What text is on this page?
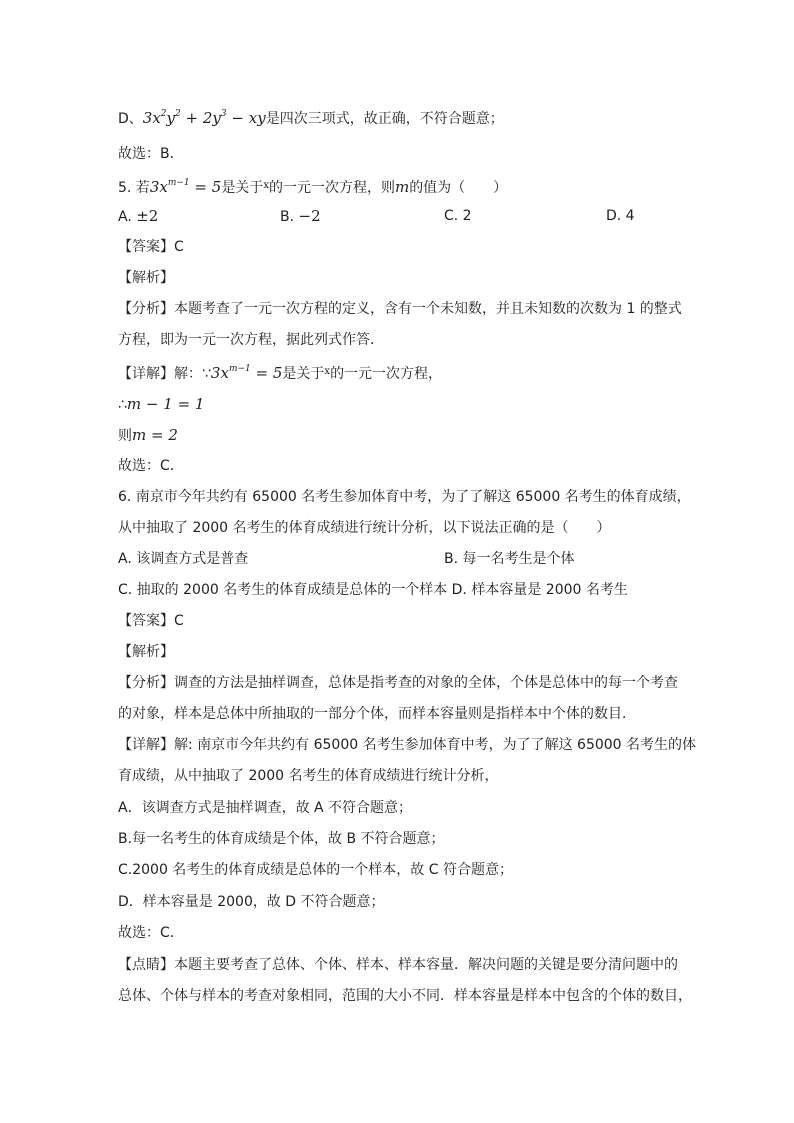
D、$3x^2y^2 + 2y^3$ − xy是四次三项式，故正确，不符合题意；
故选：B．
5. 若$3x^{m-1} = 5$是关于$^x$的一元一次方程，则m的值为（　　）
A. ±2	B. −2	C. 2	D. 4
【答案】C
【解析】
【分析】本题考查了一元一次方程的定义，含有一个未知数，并且未知数的次数为 1 的整式
方程，即为一元一次方程，据此列式作答．
【详解】解：$\because 3x^{m-1} = 5$是关于$^x$的一元一次方程，
∴m − 1 = 1
则m = 2
故选：C．
6. 南京市今年共约有 65000 名考生参加体育中考，为了了解这 65000 名考生的体育成绩，
从中抽取了 2000 名考生的体育成绩进行统计分析，以下说法正确的是（　　）
A. 该调查方式是普查	B. 每一名考生是个体
C. 抽取的 2000 名考生的体育成绩是总体的一个样本 D. 样本容量是 2000 名考生
【答案】C
【解析】
【分析】调查的方法是抽样调查，总体是指考查的对象的全体，个体是总体中的每一个考查
的对象，样本是总体中所抽取的一部分个体，而样本容量则是指样本中个体的数目．
【详解】解: 南京市今年共约有 65000 名考生参加体育中考，为了了解这 65000 名考生的体
育成绩，从中抽取了 2000 名考生的体育成绩进行统计分析，
A．该调查方式是抽样调查，故 A 不符合题意；
B.每一名考生的体育成绩是个体，故 B 不符合题意；
C.2000 名考生的体育成绩是总体的一个样本，故 C 符合题意；
D．样本容量是 2000，故 D 不符合题意；
故选：C．
【点睛】本题主要考查了总体、个体、样本、样本容量．解决问题的关键是要分清问题中的
总体、个体与样本的考查对象相同，范围的大小不同．样本容量是样本中包含的个体的数目，
